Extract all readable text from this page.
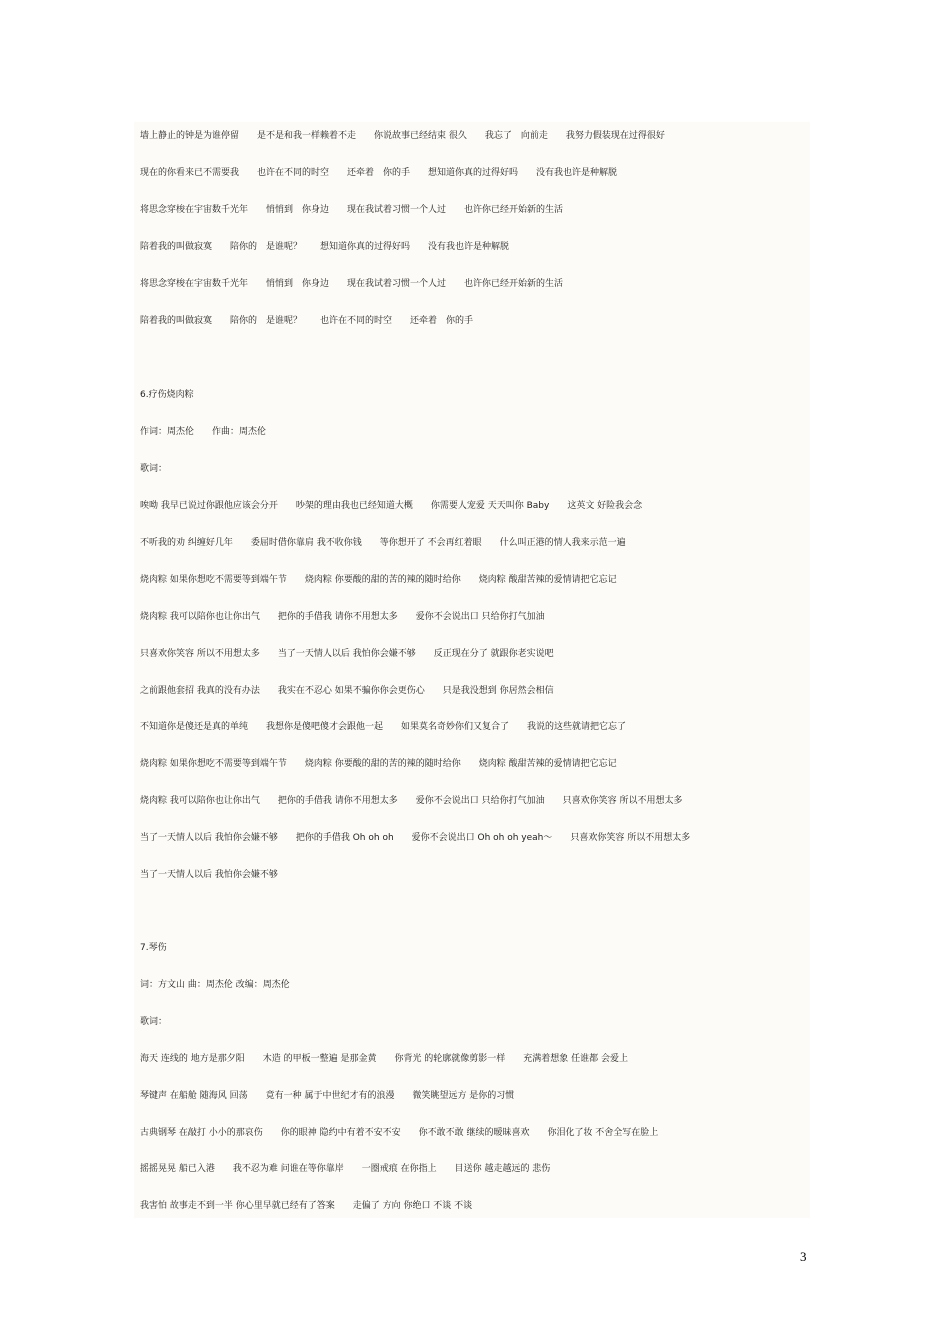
墙上静止的钟是为谁停留　　是不是和我一样赖着不走　　你说故事已经结束 很久　　我忘了　向前走　　我努力假装现在过得很好
现在的你看来已不需要我　　也许在不同的时空　　还牵着　你的手　　想知道你真的过得好吗　　没有我也许是种解脱
将思念穿梭在宇宙数千光年　　悄悄到　你身边　　现在我试着习惯一个人过　　也许你已经开始新的生活
陪着我的叫做寂寞　　陪你的　是谁呢？　　想知道你真的过得好吗　　没有我也许是种解脱
将思念穿梭在宇宙数千光年　　悄悄到　你身边　　现在我试着习惯一个人过　　也许你已经开始新的生活
陪着我的叫做寂寞　　陪你的　是谁呢？　　也许在不同的时空　　还牵着　你的手
6.疗伤烧肉粽
作词：周杰伦　　作曲：周杰伦
歌词：
唉呦 我早已说过你跟他应该会分开　　吵架的理由我也已经知道大概　　你需要人宠爱 天天叫你 Baby　　这英文 好险我会念
不听我的劝 纠缠好几年　　委屈时借你靠肩 我不收你钱　　等你想开了 不会再红着眼　　什么叫正港的情人我来示范一遍
烧肉粽 如果你想吃不需要等到端午节　　烧肉粽 你要酸的甜的苦的辣的随时给你　　烧肉粽 酸甜苦辣的爱情请把它忘记
烧肉粽 我可以陪你也让你出气　　把你的手借我 请你不用想太多　　爱你不会说出口 只给你打气加油
只喜欢你笑容 所以不用想太多　　当了一天情人以后 我怕你会嫌不够　　反正现在分了 就跟你老实说吧
之前跟他套招 我真的没有办法　　我实在不忍心 如果不骗你你会更伤心　　只是我没想到 你居然会相信
不知道你是傻还是真的单纯　　我想你是傻吧傻才会跟他一起　　如果莫名奇妙你们又复合了　　我说的这些就请把它忘了
烧肉粽 如果你想吃不需要等到端午节　　烧肉粽 你要酸的甜的苦的辣的随时给你　　烧肉粽 酸甜苦辣的爱情请把它忘记
烧肉粽 我可以陪你也让你出气　　把你的手借我 请你不用想太多　　爱你不会说出口 只给你打气加油　　只喜欢你笑容 所以不用想太多
当了一天情人以后 我怕你会嫌不够　　把你的手借我 Oh oh oh　　爱你不会说出口 Oh oh oh yeah～　　只喜欢你笑容 所以不用想太多
当了一天情人以后 我怕你会嫌不够
7.琴伤
词：方文山 曲：周杰伦 改编：周杰伦
歌词：
海天 连线的 地方是那夕阳　　木造 的甲板一整遍 是那金黄　　你背光 的轮廓就像剪影一样　　充满着想象 任谁都 会爱上
琴键声 在船舱 随海风 回荡　　竟有一种 属于中世纪才有的浪漫　　微笑眺望远方 是你的习惯
古典钢琴 在敲打 小小的那哀伤　　你的眼神 隐约中有着不安不安　　你不敢不敢 继续的暧昧喜欢　　你泪化了妆 不舍全写在脸上
摇摇晃晃 船已入港　　我不忍为难 问谁在等你靠岸　　一圈戒痕 在你指上　　目送你 越走越远的 悲伤
我害怕 故事走不到一半 你心里早就已经有了答案　　走偏了 方向 你绝口 不谈 不谈
3
